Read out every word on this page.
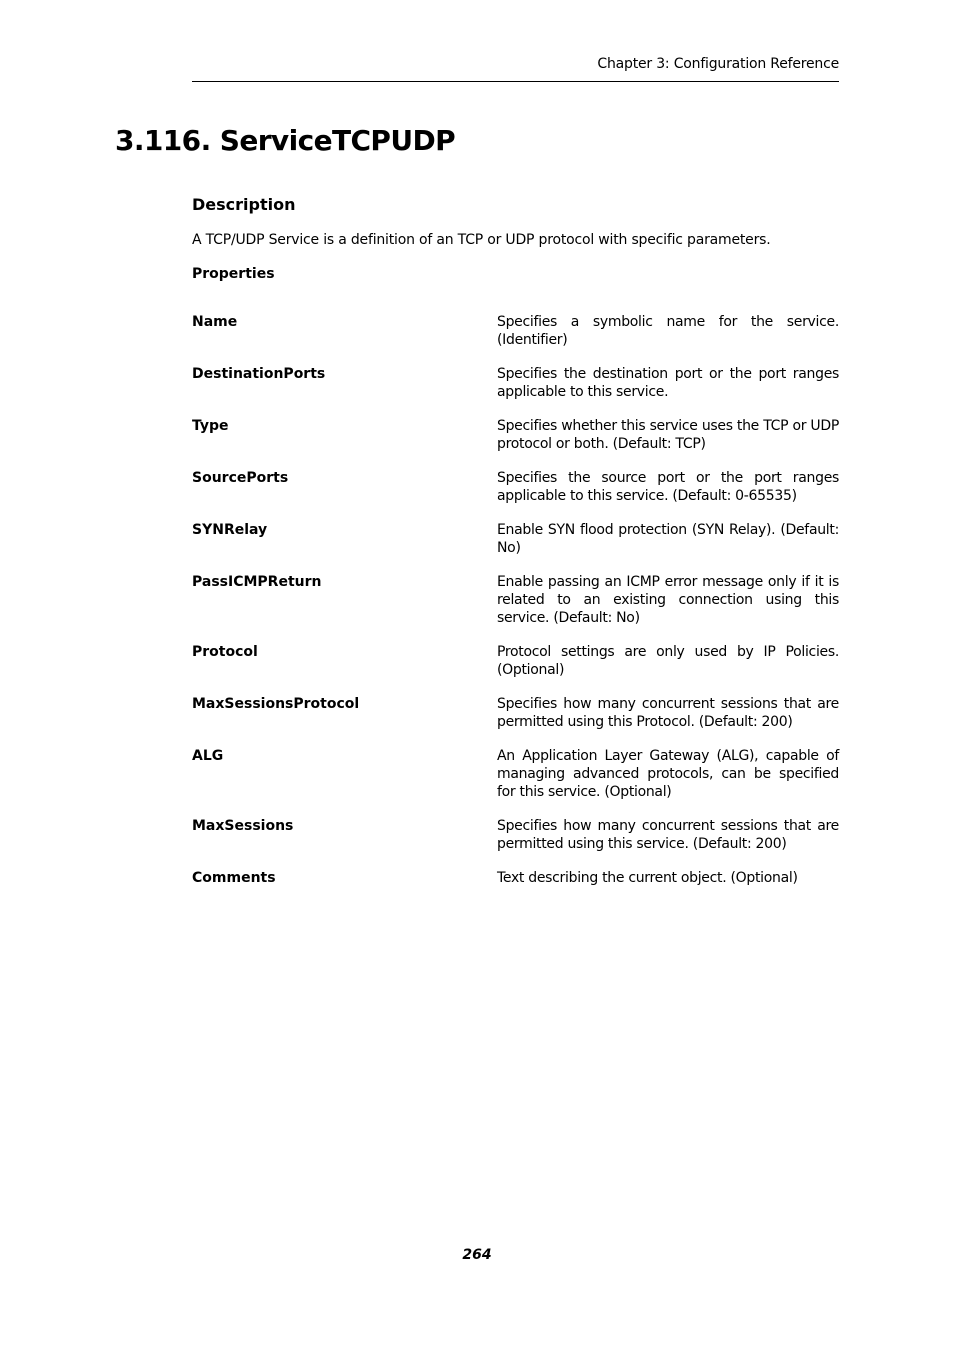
Chapter 3: Configuration Reference
3.116. ServiceTCPUDP
Description

A TCP/UDP Service is a definition of an TCP or UDP protocol with specific parameters.

Properties
Name	Specifies a symbolic name for the service. (Identifier)
DestinationPorts	Specifies the destination port or the port ranges applicable to this service.
Type	Specifies whether this service uses the TCP or UDP protocol or both. (Default: TCP)
SourcePorts	Specifies the source port or the port ranges applicable to this service. (Default: 0-65535)
SYNRelay	Enable SYN flood protection (SYN Relay). (Default: No)
PassICMPReturn	Enable passing an ICMP error message only if it is related to an existing connection using this service. (Default: No)
Protocol	Protocol settings are only used by IP Policies. (Optional)
MaxSessionsProtocol	Specifies how many concurrent sessions that are permitted using this Protocol. (Default: 200)
ALG	An Application Layer Gateway (ALG), capable of managing advanced protocols, can be specified for this service. (Optional)
MaxSessions	Specifies how many concurrent sessions that are permitted using this service. (Default: 200)
Comments	Text describing the current object. (Optional)
264
